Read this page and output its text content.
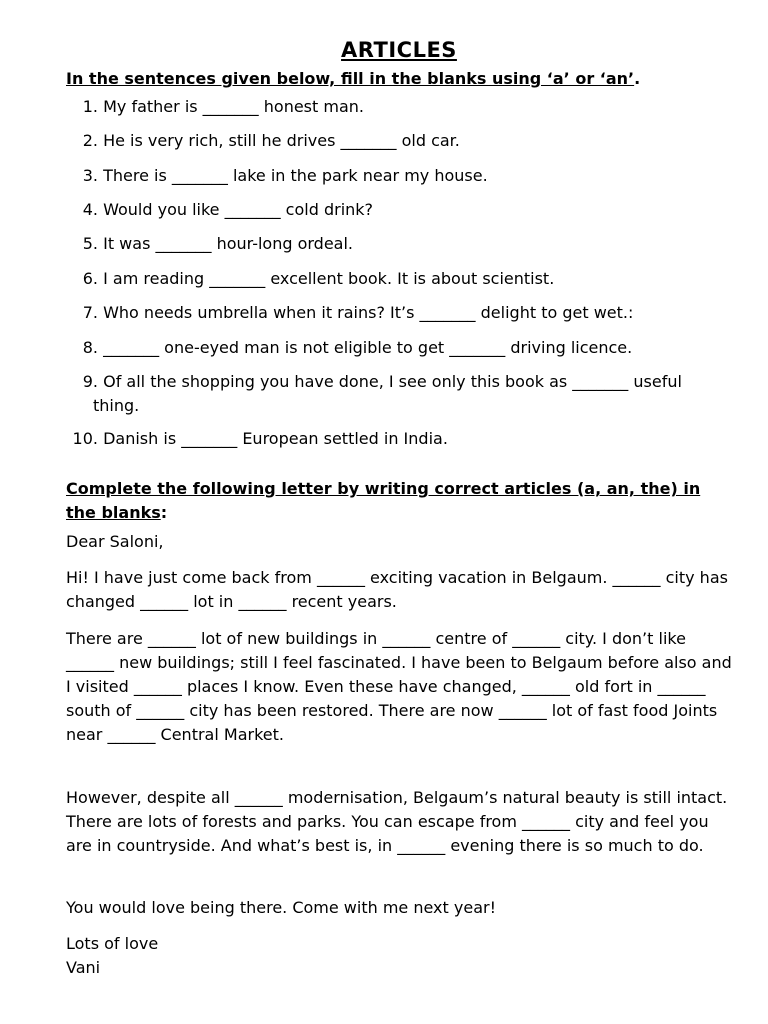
ARTICLES
In the sentences given below, fill in the blanks using ‘a’ or ‘an’.
1. My father is _______ honest man.
2. He is very rich, still he drives _______ old car.
3. There is _______ lake in the park near my house.
4. Would you like _______ cold drink?
5. It was _______ hour-long ordeal.
6. I am reading _______ excellent book. It is about scientist.
7. Who needs umbrella when it rains? It’s _______ delight to get wet.:
8. _______ one-eyed man is not eligible to get _______ driving licence.
9. Of all the shopping you have done, I see only this book as _______ useful
thing.
10. Danish is _______ European settled in India.
Complete the following letter by writing correct articles (a, an, the) in the blanks:

Dear Saloni,

Hi! I have just come back from ______ exciting vacation in Belgaum. ______ city has changed ______ lot in ______ recent years.

There are ______ lot of new buildings in ______ centre of ______ city. I don’t like ______ new buildings; still I feel fascinated. I have been to Belgaum before also and I visited ______ places I know. Even these have changed, ______ old fort in ______ south of ______ city has been restored. There are now ______ lot of fast food Joints near ______ Central Market.

However, despite all ______ modernisation, Belgaum’s natural beauty is still intact. There are lots of forests and parks. You can escape from ______ city and feel you are in countryside. And what’s best is, in ______ evening there is so much to do.

You would love being there. Come with me next year!

Lots of love

Vani
